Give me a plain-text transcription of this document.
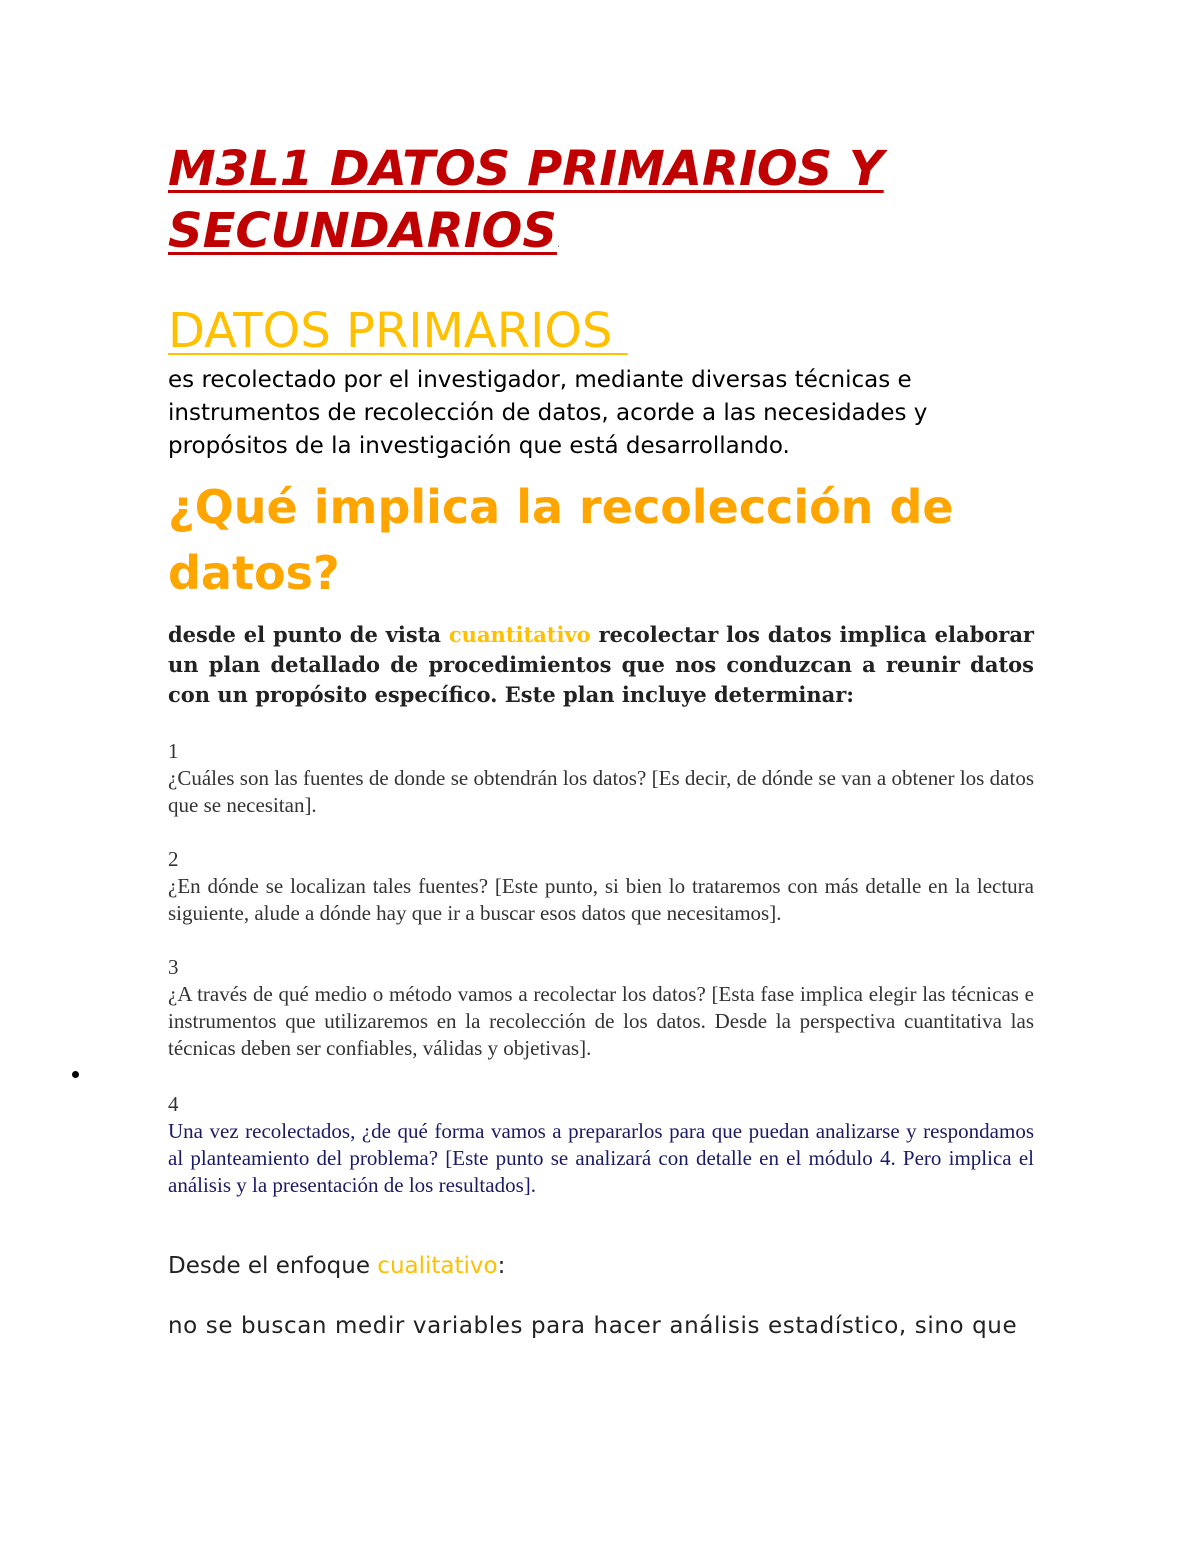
M3L1 DATOS PRIMARIOS Y
SECUNDARIOS.
DATOS PRIMARIOS

es recolectado por el investigador, mediante diversas técnicas e instrumentos de recolección de datos, acorde a las necesidades y propósitos de la investigación que está desarrollando.

¿Qué implica la recolección de datos?

desde el punto de vista cuantitativo recolectar los datos implica elaborar un plan detallado de procedimientos que nos conduzcan a reunir datos con un propósito específico. Este plan incluye determinar:

1
¿Cuáles son las fuentes de donde se obtendrán los datos? [Es decir, de dónde se van a obtener los datos que se necesitan].
2
¿En dónde se localizan tales fuentes? [Este punto, si bien lo trataremos con más detalle en la lectura siguiente, alude a dónde hay que ir a buscar esos datos que necesitamos].
3
¿A través de qué medio o método vamos a recolectar los datos? [Esta fase implica elegir las técnicas e instrumentos que utilizaremos en la recolección de los datos. Desde la perspectiva cuantitativa las técnicas deben ser confiables, válidas y objetivas].
4
Una vez recolectados, ¿de qué forma vamos a prepararlos para que puedan analizarse y respondamos al planteamiento del problema? [Este punto se analizará con detalle en el módulo 4. Pero implica el análisis y la presentación de los resultados].

Desde el enfoque cualitativo:

no se buscan medir variables para hacer análisis estadístico, sino que
